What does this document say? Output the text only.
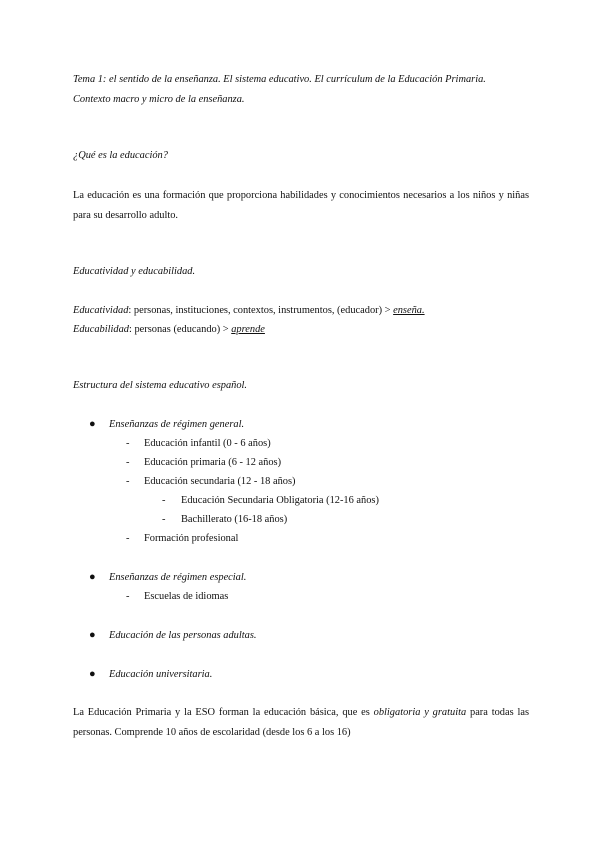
Tema 1: el sentido de la enseñanza. El sistema educativo. El currículum de la Educación Primaria.
Contexto macro y micro de la enseñanza.
¿Qué es la educación?
La educación es una formación que proporciona habilidades y conocimientos necesarios a los niños y niñas para su desarrollo adulto.
Educatividad y educabilidad.
Educatividad: personas, instituciones, contextos, instrumentos, (educador) > enseña.
Educabilidad: personas (educando) > aprende
Estructura del sistema educativo español.
● Enseñanzas de régimen general.
- Educación infantil (0 - 6 años)
- Educación primaria (6 - 12 años)
- Educación secundaria (12 - 18 años)
- Educación Secundaria Obligatoria (12-16 años)
- Bachillerato (16-18 años)
- Formación profesional
● Enseñanzas de régimen especial.
- Escuelas de idiomas
● Educación de las personas adultas.
● Educación universitaria.
La Educación Primaria y la ESO forman la educación básica, que es obligatoria y gratuita para todas las personas. Comprende 10 años de escolaridad (desde los 6 a los 16)
